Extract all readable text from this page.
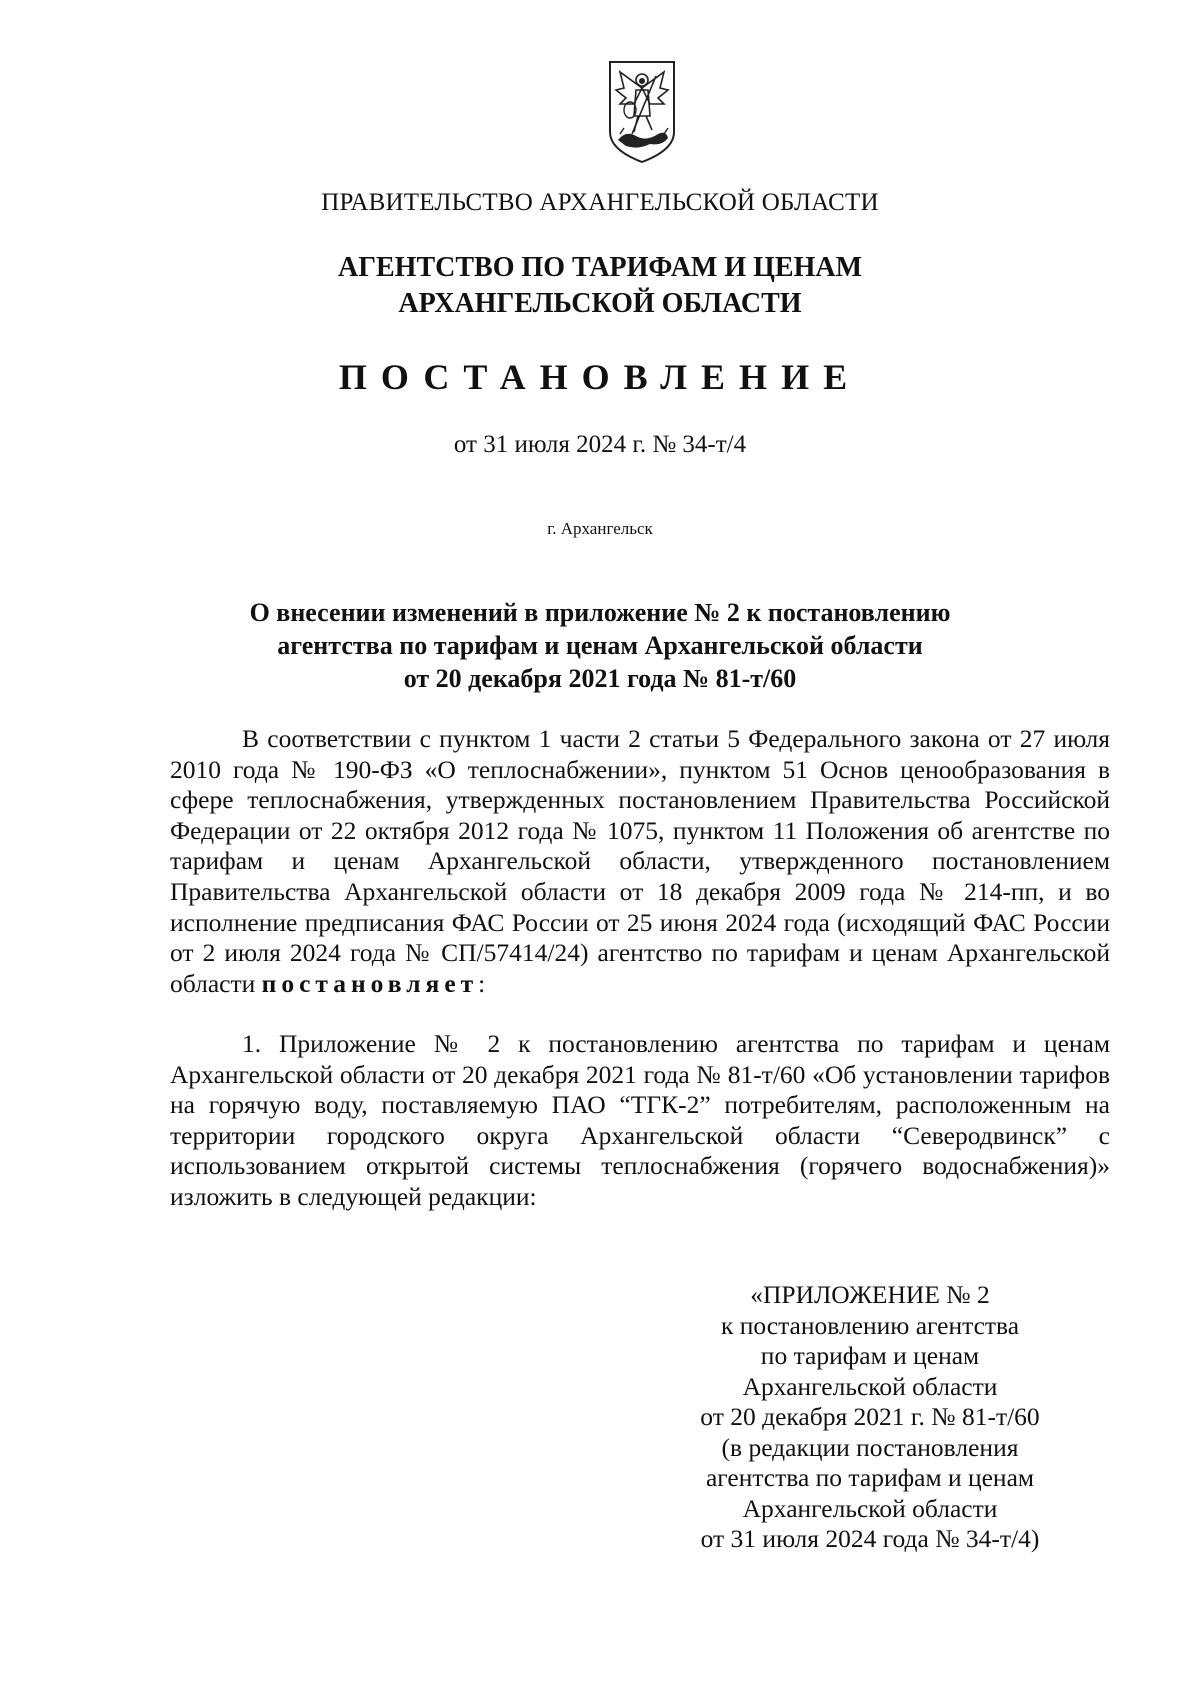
ПРАВИТЕЛЬСТВО АРХАНГЕЛЬСКОЙ ОБЛАСТИ
АГЕНТСТВО ПО ТАРИФАМ И ЦЕНАМ
АРХАНГЕЛЬСКОЙ ОБЛАСТИ
ПОСТАНОВЛЕНИЕ
от 31 июля 2024 г. № 34-т/4
г. Архангельск
О внесении изменений в приложение № 2 к постановлению
агентства по тарифам и ценам Архангельской области
от 20 декабря 2021 года № 81-т/60
В соответствии с пунктом 1 части 2 статьи 5 Федерального закона от 27 июля 2010 года № 190-ФЗ «О теплоснабжении», пунктом 51 Основ ценообразования в сфере теплоснабжения, утвержденных постановлением Правительства Российской Федерации от 22 октября 2012 года № 1075, пунктом 11 Положения об агентстве по тарифам и ценам Архангельской области, утвержденного постановлением Правительства Архангельской области от 18 декабря 2009 года № 214-пп, и во исполнение предписания ФАС России от 25 июня 2024 года (исходящий ФАС России от 2 июля 2024 года № СП/57414/24) агентство по тарифам и ценам Архангельской области постановляет:
1. Приложение № 2 к постановлению агентства по тарифам и ценам Архангельской области от 20 декабря 2021 года № 81-т/60 «Об установлении тарифов на горячую воду, поставляемую ПАО “ТГК-2” потребителям, расположенным на территории городского округа Архангельской области “Северодвинск” с использованием открытой системы теплоснабжения (горячего водоснабжения)» изложить в следующей редакции:
«ПРИЛОЖЕНИЕ № 2
к постановлению агентства
по тарифам и ценам
Архангельской области
от 20 декабря 2021 г. № 81-т/60
(в редакции постановления
агентства по тарифам и ценам
Архангельской области
от 31 июля 2024 года № 34-т/4)
